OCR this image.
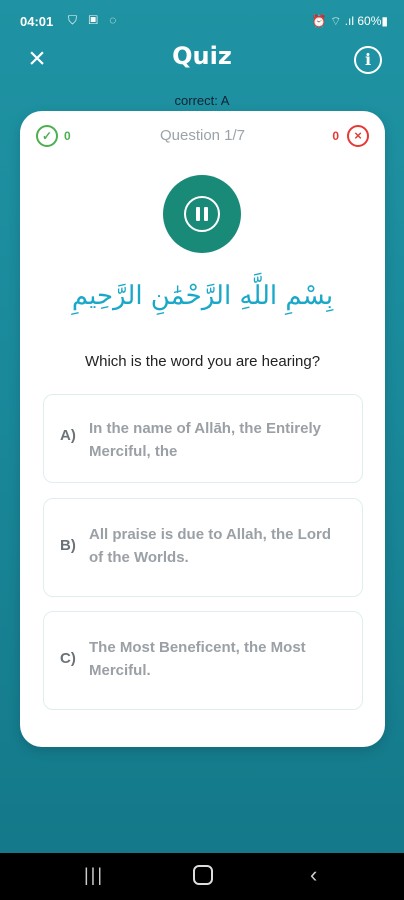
04:01 ⛉ ▣ ◌	⏰ ⌔ .ıl 60%▮
×	Quiz	i
correct: A
✓ 0	Question 1/7	0	×
بِسْمِ اللَّهِ الرَّحْمَٰنِ الرَّحِيمِ
Which is the word you are hearing?
A) In the name of Allāh, the Entirely Merciful, the
B)
All praise is due to Allah, the Lord of the Worlds.
C)
The Most Beneficent, the Most Merciful.
|||	‹
